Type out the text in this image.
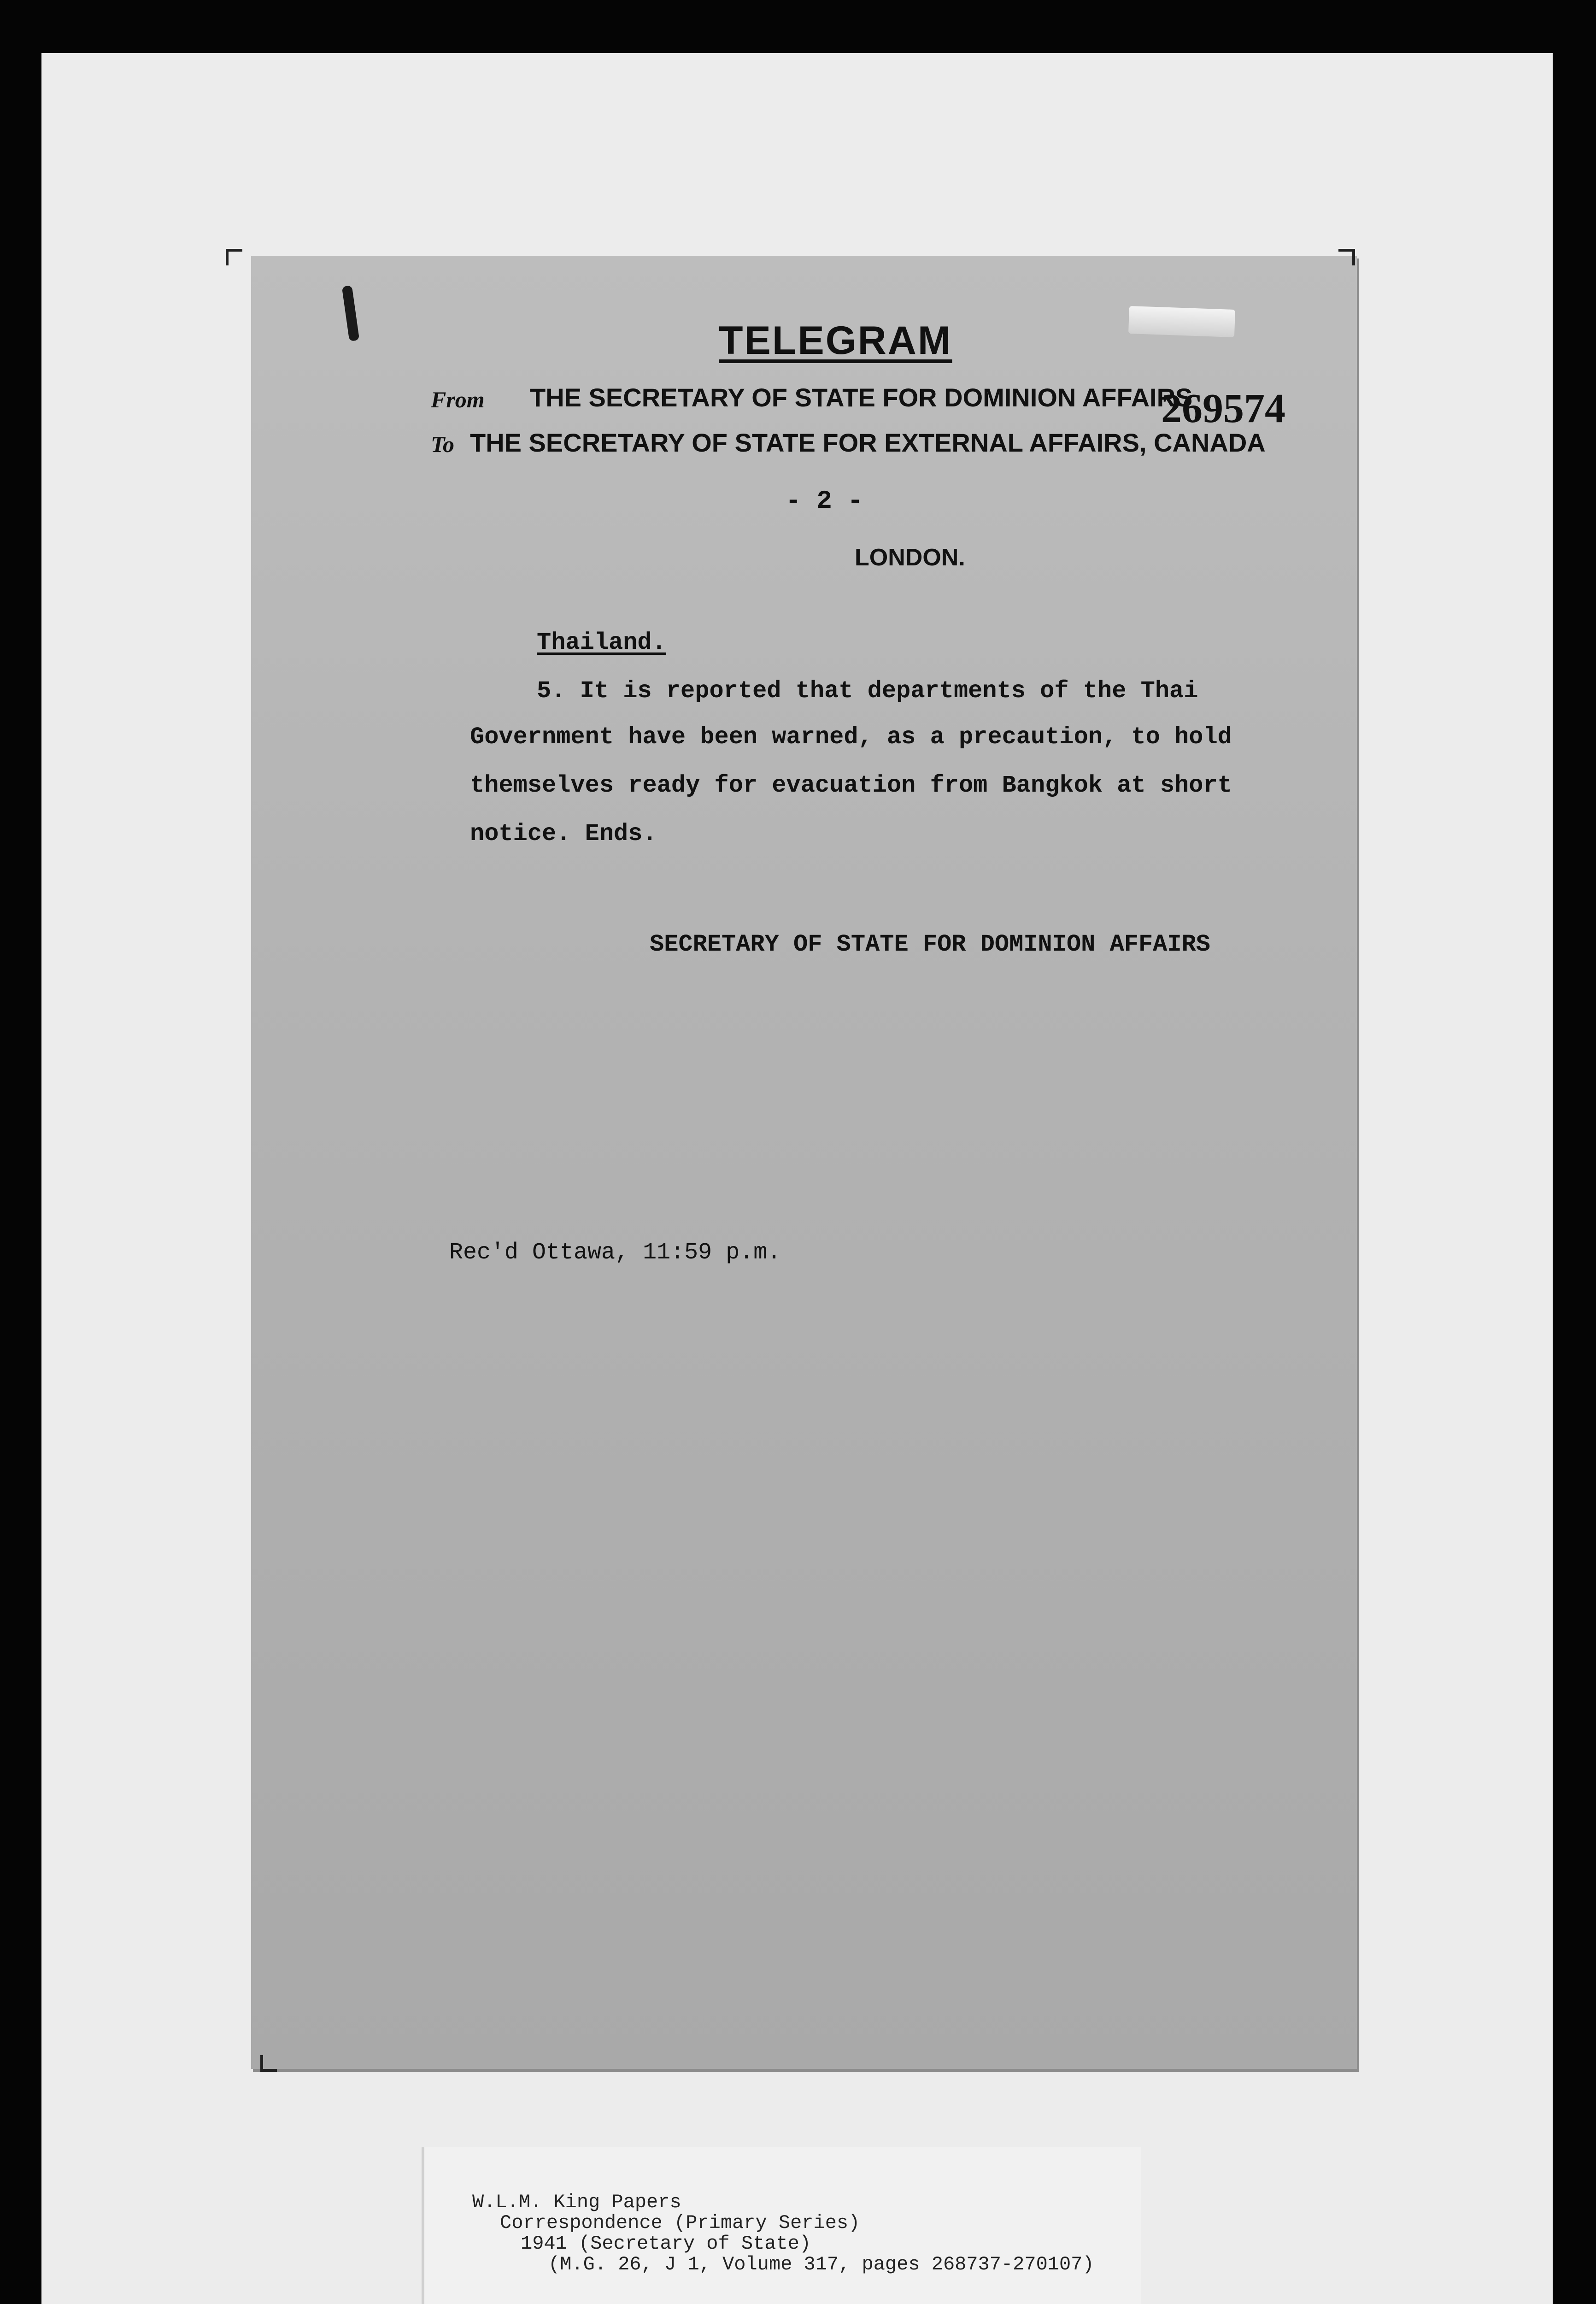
TELEGRAM
From THE SECRETARY OF STATE FOR DOMINION AFFAIRS
269574
To THE SECRETARY OF STATE FOR EXTERNAL AFFAIRS, CANADA
- 2 -
LONDON.
Thailand.
5. It is reported that departments of the Thai
Government have been warned, as a precaution, to hold
themselves ready for evacuation from Bangkok at short
notice. Ends.
SECRETARY OF STATE FOR DOMINION AFFAIRS
Rec'd Ottawa, 11:59 p.m.
W.L.M. King Papers
Correspondence (Primary Series)
1941 (Secretary of State)
(M.G. 26, J 1, Volume 317, pages 268737-270107)
